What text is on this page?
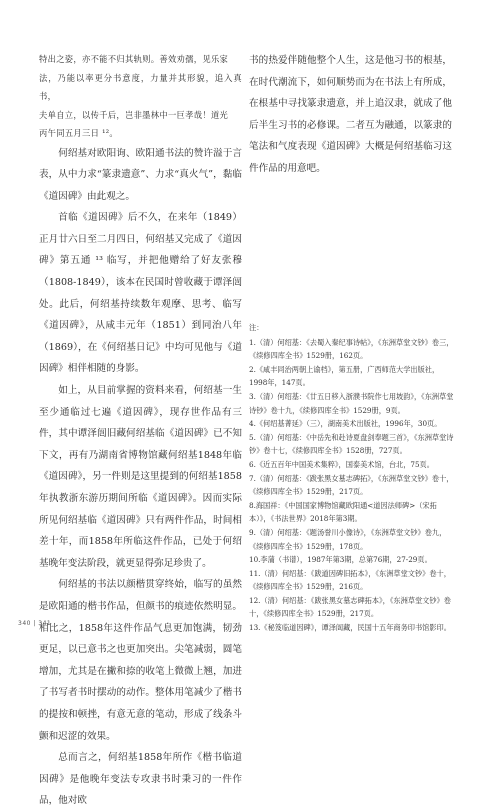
特出之姿，亦不能不归其轨则。善效劝孺，见乐家

法，乃能以率更分书意度，力量并其形貌，追入真书，

夫单自立，以传千后，岂非墨林中一巨孝哉！道光

丙午同五月三日 ¹²。

何绍基对欧阳询、欧阳通书法的赞许溢于言表，从中力求“篆隶遗意”、力求“真火气”，黏临《道因碑》由此观之。

首临《道因碑》后不久，在来年（1849）正月廿六日至二月四日，何绍基又完成了《道因碑》第五通 ¹³ 临写，并把他赠给了好友张穆（1808-1849），该本在民国时曾收藏于谭泽闿处。此后，何绍基持续数年观摩、思考、临写《道因碑》，从咸丰元年（1851）到同治八年（1869），在《何绍基日记》中均可见他与《道因碑》相伴相随的身影。

如上，从目前掌握的资料来看，何绍基一生至少通临过七遍《道因碑》，现存世作品有三件，其中谭泽闿旧藏何绍基临《道因碑》已不知下文，再有乃湖南省博物馆藏何绍基1848年临《道因碑》，另一件则是这里提到的何绍基1858年执教浙东游历期间所临《道因碑》。因而实际所见何绍基临《道因碑》只有两件作品，时间相差十年，而1858年所临这件作品，已处于何绍基晚年变法阶段，就更显得弥足珍贵了。

何绍基的书法以颜楷贯穿终始，临写的虽然是欧阳通的楷书作品，但颜书的痕迹依然明显。相比之，1858年这件作品气息更加饱满，韧劲更足，以已意书之也更加突出。尖笔减弱，圆笔增加，尤其是在撇和捺的收笔上微微上翘，加进了书写者书时摆动的动作。整体用笔减少了楷书的提按和顿挫，有意无意的笔动，形成了线条斗颤和迟涩的效果。

总而言之，何绍基1858年所作《楷书临道因碑》是他晚年变法专攻隶书时秉习的一件作品，他对欧

书的热爱伴随他整个人生，这是他习书的根基，在时代潮流下，如何顺势而为在书法上有所成，在根基中寻找篆隶遗意，并上追汉隶，就成了他后半生习书的必修课。二者互为融通，以篆隶的笔法和气度表现《道因碑》大概是何绍基临习这件作品的用意吧。

注：

1.（清）何绍基：《去蜀入秦纪事诗帖》，《东洲草堂文钞》卷三，《续修四库全书》1529册，162页。

2.《咸丰同治两朝上谕档》，第五册，广西师范大学出版社，1998年，147页。

3.（清）何绍基：《廿五日移入浙濮书院作七用坡韵》，《东洲草堂诗钞》卷十九，《续修四库全书》1529册，9页。

4.《何绍基菁延》（三），湖南美术出版社，1996年，30页。

5.（清）何绍基：《中岳先和赴诗夏盘剑奉题三首》，《东洲草堂诗钞》卷十七，《续修四库全书》1528册，727页。

6.《近五百年中国美术集粹》，国泰美术馆，台北，75页。

7.（清）何绍基：《跋张黑女墓志碑拓》，《东洲草堂文钞》卷十，《续修四库全书》1529册，217页。

8.海国祥：《中国国家博物馆藏欧阳通<道因法师碑>（宋拓本）》，《书法世界》2018年第3期。

9.（清）何绍基：《题汤誉川小像诗》，《东洲草堂文钞》卷九，《续修四库全书》1529册，178页。

10.李蒲（书谱），1987年第3期，总第76期，27-29页。

11.（清）何绍基：《跋道因碑旧拓本》，《东洲草堂文钞》卷十，《续修四库全书》1529册，216页。

12.（清）何绍基：《跋张黑女墓志碑拓本》，《东洲草堂文钞》卷十，《续修四库全书》1529册，217页。

13.《秘笈临道因碑》，谭泽闿藏，民国十五年商务印书馆影印。

340 | 341
